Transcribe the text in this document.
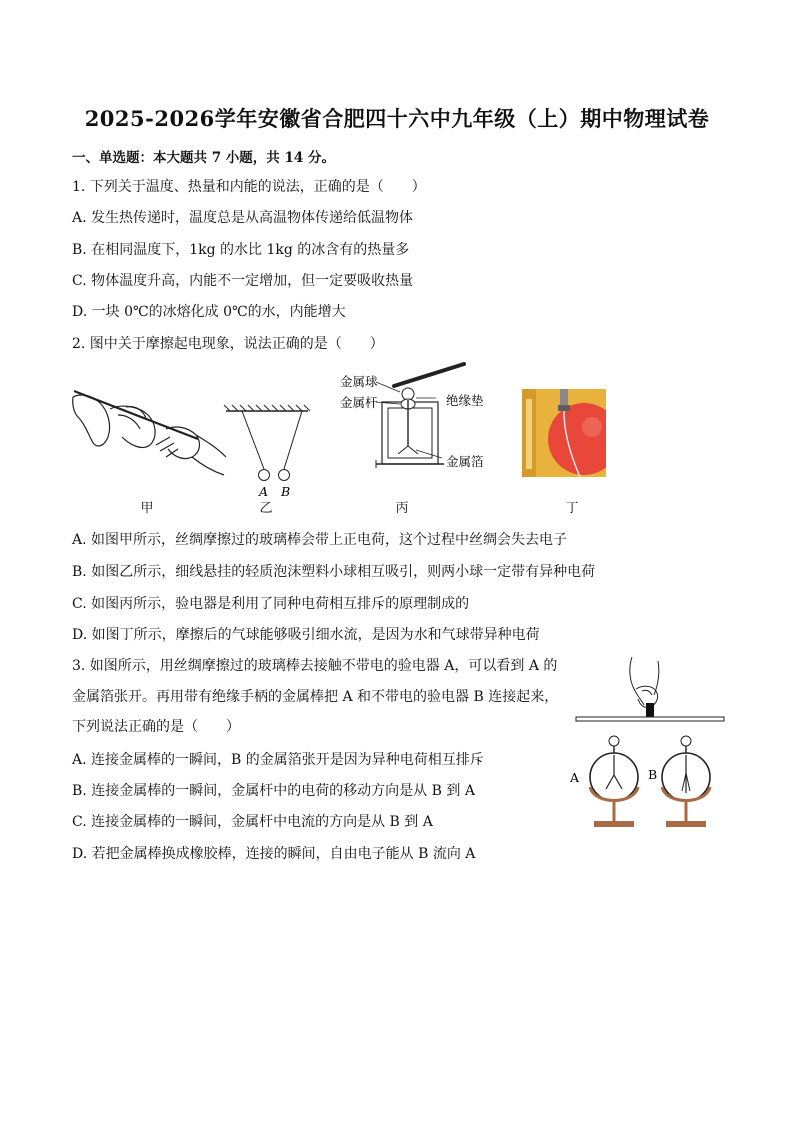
2025-2026学年安徽省合肥四十六中九年级（上）期中物理试卷
一、单选题：本大题共 7 小题，共 14 分。
1. 下列关于温度、热量和内能的说法，正确的是（　　）
A. 发生热传递时，温度总是从高温物体传递给低温物体
B. 在相同温度下，1kg 的水比 1kg 的冰含有的热量多
C. 物体温度升高，内能不一定增加，但一定要吸收热量
D. 一块 0℃的冰熔化成 0℃的水，内能增大
2. 图中关于摩擦起电现象，说法正确的是（　　）
A B
金属球
金属杆	绝缘垫
金属箔
甲	乙	丙	丁
A. 如图甲所示，丝绸摩擦过的玻璃棒会带上正电荷，这个过程中丝绸会失去电子
B. 如图乙所示，细线悬挂的轻质泡沫塑料小球相互吸引，则两小球一定带有异种电荷
C. 如图丙所示，验电器是利用了同种电荷相互排斥的原理制成的
D. 如图丁所示，摩擦后的气球能够吸引细水流，是因为水和气球带异种电荷
3. 如图所示，用丝绸摩擦过的玻璃棒去接触不带电的验电器 A，可以看到 A 的
金属箔张开。再用带有绝缘手柄的金属棒把 A 和不带电的验电器 B 连接起来，
下列说法正确的是（　　）
A. 连接金属棒的一瞬间，B 的金属箔张开是因为异种电荷相互排斥
B. 连接金属棒的一瞬间，金属杆中的电荷的移动方向是从 B 到 A
C. 连接金属棒的一瞬间，金属杆中电流的方向是从 B 到 A
D. 若把金属棒换成橡胶棒，连接的瞬间，自由电子能从 B 流向 A
A	B
